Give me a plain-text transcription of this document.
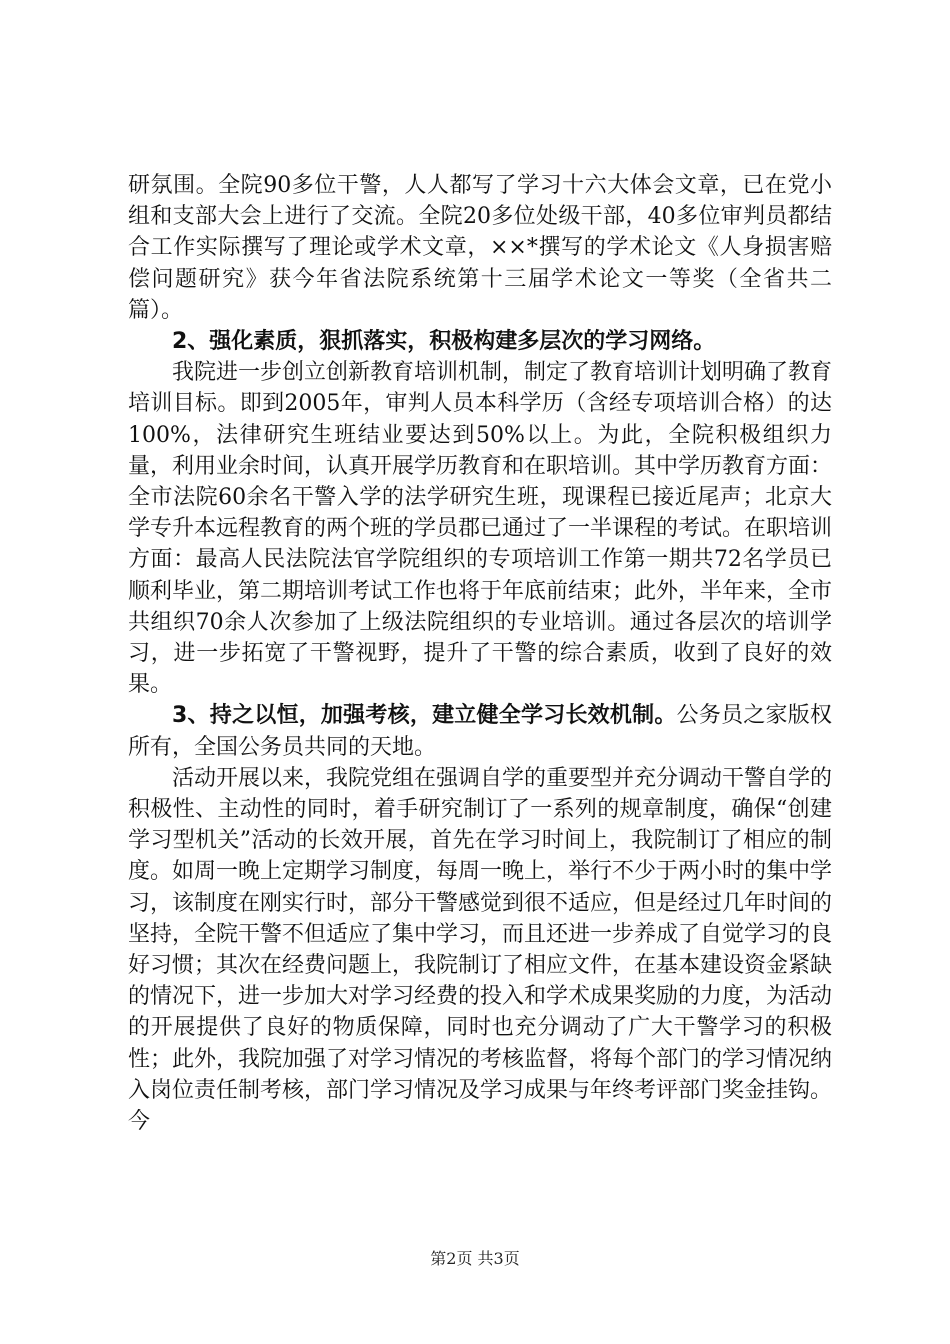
研氛围。全院90多位干警，人人都写了学习十六大体会文章，已在党小组和支部大会上进行了交流。全院20多位处级干部，40多位审判员都结合工作实际撰写了理论或学术文章，××*撰写的学术论文《人身损害赔偿问题研究》获今年省法院系统第十三届学术论文一等奖（全省共二篇）。

2、强化素质，狠抓落实，积极构建多层次的学习网络。

我院进一步创立创新教育培训机制，制定了教育培训计划明确了教育培训目标。即到2005年，审判人员本科学历（含经专项培训合格）的达100%，法律研究生班结业要达到50%以上。为此，全院积极组织力量，利用业余时间，认真开展学历教育和在职培训。其中学历教育方面：全市法院60余名干警入学的法学研究生班，现课程已接近尾声；北京大学专升本远程教育的两个班的学员郡已通过了一半课程的考试。在职培训方面：最高人民法院法官学院组织的专项培训工作第一期共72名学员已顺利毕业，第二期培训考试工作也将于年底前结束；此外，半年来，全市共组织70余人次参加了上级法院组织的专业培训。通过各层次的培训学习，进一步拓宽了干警视野，提升了干警的综合素质，收到了良好的效果。

3、持之以恒，加强考核，建立健全学习长效机制。公务员之家版权所有，全国公务员共同的天地。

活动开展以来，我院党组在强调自学的重要型并充分调动干警自学的积极性、主动性的同时，着手研究制订了一系列的规章制度，确保“创建学习型机关”活动的长效开展，首先在学习时间上，我院制订了相应的制度。如周一晚上定期学习制度，每周一晚上，举行不少于两小时的集中学习，该制度在刚实行时，部分干警感觉到很不适应，但是经过几年时间的坚持，全院干警不但适应了集中学习，而且还进一步养成了自觉学习的良好习惯；其次在经费问题上，我院制订了相应文件，在基本建设资金紧缺的情况下，进一步加大对学习经费的投入和学术成果奖励的力度，为活动的开展提供了良好的物质保障，同时也充分调动了广大干警学习的积极性；此外，我院加强了对学习情况的考核监督，将每个部门的学习情况纳入岗位责任制考核，部门学习情况及学习成果与年终考评部门奖金挂钩。今

第2页 共3页
